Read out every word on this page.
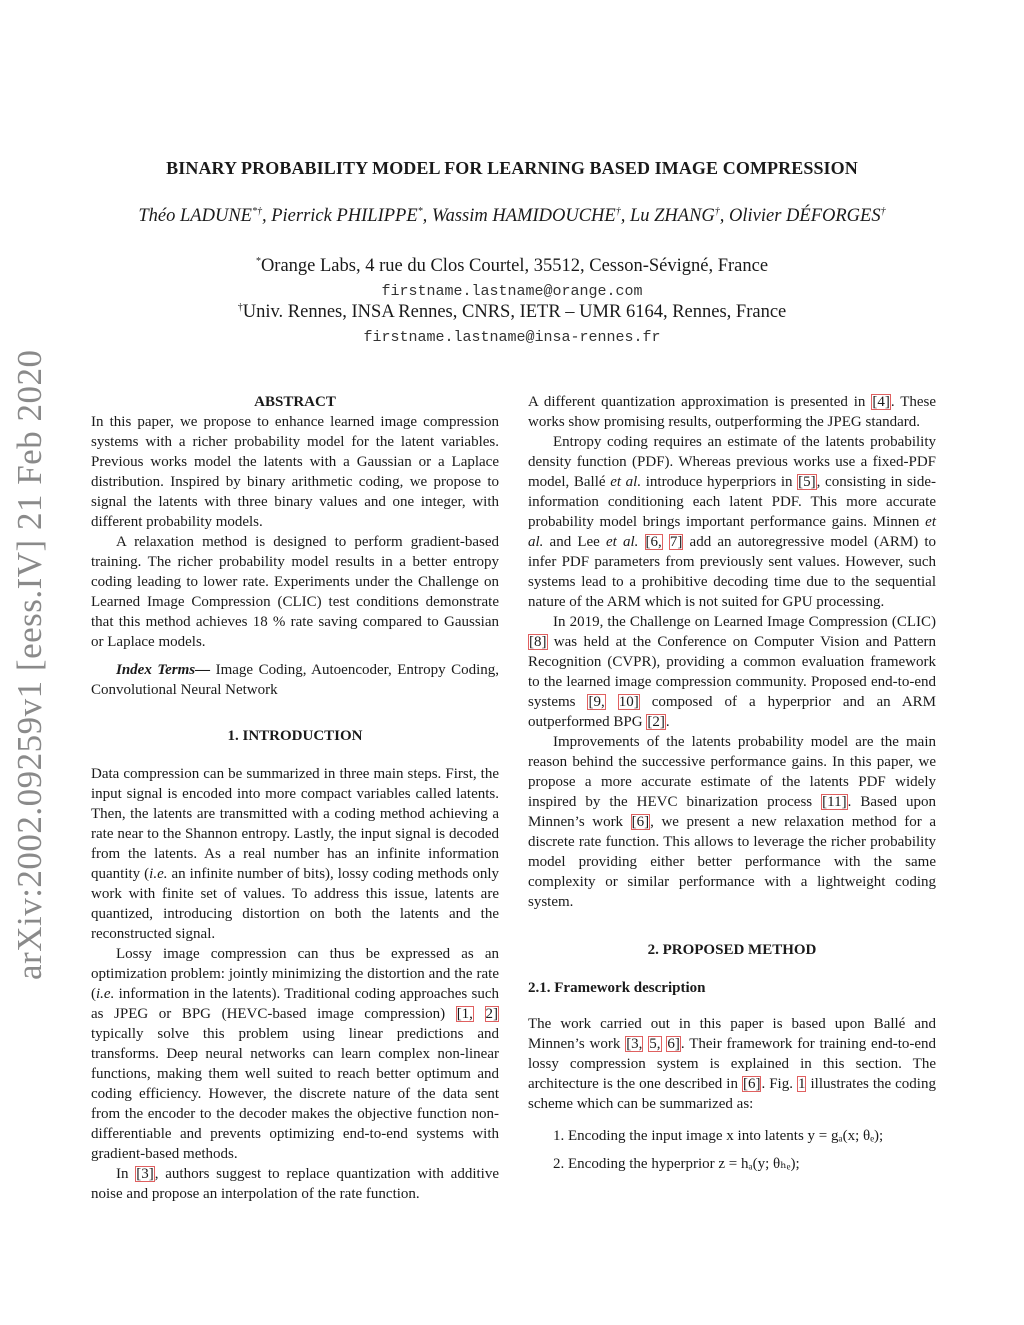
arXiv:2002.09259v1 [eess.IV] 21 Feb 2020
BINARY PROBABILITY MODEL FOR LEARNING BASED IMAGE COMPRESSION
Théo LADUNE*†, Pierrick PHILIPPE*, Wassim HAMIDOUCHE†, Lu ZHANG†, Olivier DÉFORGES†
*Orange Labs, 4 rue du Clos Courtel, 35512, Cesson-Sévigné, France
firstname.lastname@orange.com
†Univ. Rennes, INSA Rennes, CNRS, IETR – UMR 6164, Rennes, France
firstname.lastname@insa-rennes.fr

ABSTRACT

In this paper, we propose to enhance learned image compression systems with a richer probability model for the latent variables. Previous works model the latents with a Gaussian or a Laplace distribution. Inspired by binary arithmetic coding, we propose to signal the latents with three binary values and one integer, with different probability models.

A relaxation method is designed to perform gradient-based training. The richer probability model results in a better entropy coding leading to lower rate. Experiments under the Challenge on Learned Image Compression (CLIC) test conditions demonstrate that this method achieves 18 % rate saving compared to Gaussian or Laplace models.

Index Terms— Image Coding, Autoencoder, Entropy Coding, Convolutional Neural Network

1. INTRODUCTION

Data compression can be summarized in three main steps. First, the input signal is encoded into more compact variables called latents. Then, the latents are transmitted with a coding method achieving a rate near to the Shannon entropy. Lastly, the input signal is decoded from the latents. As a real number has an infinite information quantity (i.e. an infinite number of bits), lossy coding methods only work with finite set of values. To address this issue, latents are quantized, introducing distortion on both the latents and the reconstructed signal.

Lossy image compression can thus be expressed as an optimization problem: jointly minimizing the distortion and the rate (i.e. information in the latents). Traditional coding approaches such as JPEG or BPG (HEVC-based image compression) [1, 2] typically solve this problem using linear predictions and transforms. Deep neural networks can learn complex non-linear functions, making them well suited to reach better optimum and coding efficiency. However, the discrete nature of the data sent from the encoder to the decoder makes the objective function non-differentiable and prevents optimizing end-to-end systems with gradient-based methods.

In [3], authors suggest to replace quantization with additive noise and propose an interpolation of the rate function.

A different quantization approximation is presented in [4]. These works show promising results, outperforming the JPEG standard.

Entropy coding requires an estimate of the latents probability density function (PDF). Whereas previous works use a fixed-PDF model, Ballé et al. introduce hyperpriors in [5], consisting in side-information conditioning each latent PDF. This more accurate probability model brings important performance gains. Minnen et al. and Lee et al. [6, 7] add an autoregressive model (ARM) to infer PDF parameters from previously sent values. However, such systems lead to a prohibitive decoding time due to the sequential nature of the ARM which is not suited for GPU processing.

In 2019, the Challenge on Learned Image Compression (CLIC) [8] was held at the Conference on Computer Vision and Pattern Recognition (CVPR), providing a common evaluation framework to the learned image compression community. Proposed end-to-end systems [9, 10] composed of a hyperprior and an ARM outperformed BPG [2].

Improvements of the latents probability model are the main reason behind the successive performance gains. In this paper, we propose a more accurate estimate of the latents PDF widely inspired by the HEVC binarization process [11]. Based upon Minnen’s work [6], we present a new relaxation method for a discrete rate function. This allows to leverage the richer probability model providing either better performance with the same complexity or similar performance with a lightweight coding system.

2. PROPOSED METHOD

2.1. Framework description

The work carried out in this paper is based upon Ballé and Minnen’s work [3, 5, 6]. Their framework for training end-to-end lossy compression system is explained in this section. The architecture is the one described in [6]. Fig. 1 illustrates the coding scheme which can be summarized as:

1. Encoding the input image x into latents y = gₐ(x; θₑ);
2. Encoding the hyperprior z = hₐ(y; θₕₑ);
